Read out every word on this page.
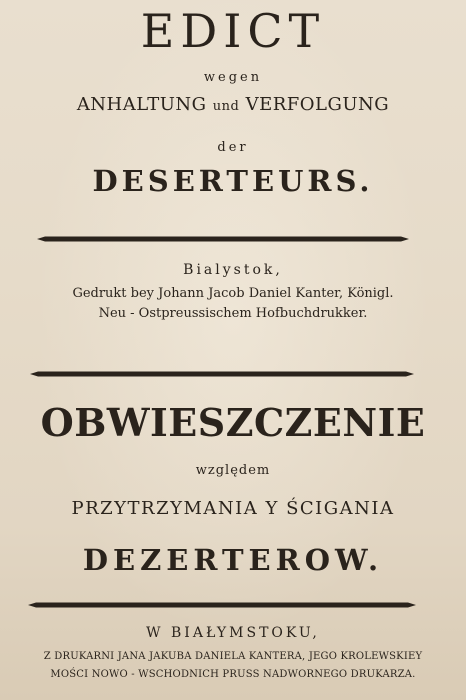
EDICT
wegen
ANHALTUNG und VERFOLGUNG
der
DESERTEURS.
Bialystok,
Gedrukt bey Johann Jacob Daniel Kanter, Königl.
Neu - Ostpreussischem Hofbuchdrukker.
OBWIESZCZENIE
względem
PRZYTRZYMANIA Y ŚCIGANIA
DEZERTEROW.
W BIAŁYMSTOKU,
Z DRUKARNI JANA JAKUBA DANIELA KANTERA, JEGO KROLEWSKIEY
MOŚCI NOWO - WSCHODNICH PRUSS NADWORNEGO DRUKARZA.
